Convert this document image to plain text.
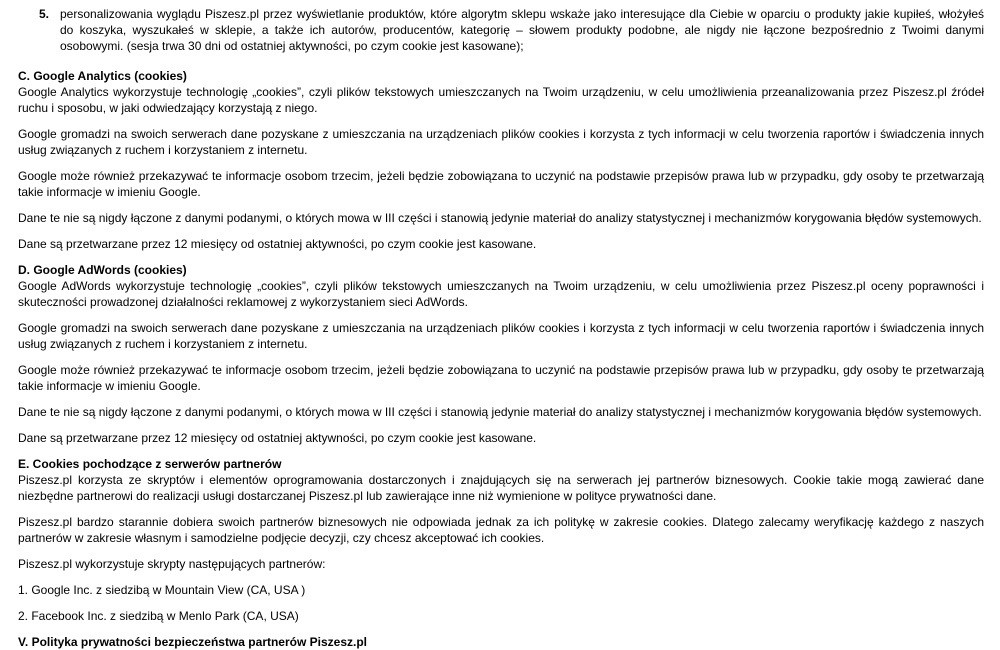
5. personalizowania wyglądu Piszesz.pl przez wyświetlanie produktów, które algorytm sklepu wskaże jako interesujące dla Ciebie w oparciu o produkty jakie kupiłeś, włożyłeś do koszyka, wyszukałeś w sklepie, a także ich autorów, producentów, kategorię – słowem produkty podobne, ale nigdy nie łączone bezpośrednio z Twoimi danymi osobowymi. (sesja trwa 30 dni od ostatniej aktywności, po czym cookie jest kasowane);
C. Google Analytics (cookies)

Google Analytics wykorzystuje technologię „cookies”, czyli plików tekstowych umieszczanych na Twoim urządzeniu, w celu umożliwienia przeanalizowania przez Piszesz.pl źródeł ruchu i sposobu, w jaki odwiedzający korzystają z niego.

Google gromadzi na swoich serwerach dane pozyskane z umieszczania na urządzeniach plików cookies i korzysta z tych informacji w celu tworzenia raportów i świadczenia innych usług związanych z ruchem i korzystaniem z internetu.

Google może również przekazywać te informacje osobom trzecim, jeżeli będzie zobowiązana to uczynić na podstawie przepisów prawa lub w przypadku, gdy osoby te przetwarzają takie informacje w imieniu Google.

Dane te nie są nigdy łączone z danymi podanymi, o których mowa w III części i stanowią jedynie materiał do analizy statystycznej i mechanizmów korygowania błędów systemowych.

Dane są przetwarzane przez 12 miesięcy od ostatniej aktywności, po czym cookie jest kasowane.

D. Google AdWords (cookies)

Google AdWords wykorzystuje technologię „cookies”, czyli plików tekstowych umieszczanych na Twoim urządzeniu, w celu umożliwienia przez Piszesz.pl oceny poprawności i skuteczności prowadzonej działalności reklamowej z wykorzystaniem sieci AdWords.

Google gromadzi na swoich serwerach dane pozyskane z umieszczania na urządzeniach plików cookies i korzysta z tych informacji w celu tworzenia raportów i świadczenia innych usług związanych z ruchem i korzystaniem z internetu.

Google może również przekazywać te informacje osobom trzecim, jeżeli będzie zobowiązana to uczynić na podstawie przepisów prawa lub w przypadku, gdy osoby te przetwarzają takie informacje w imieniu Google.

Dane te nie są nigdy łączone z danymi podanymi, o których mowa w III części i stanowią jedynie materiał do analizy statystycznej i mechanizmów korygowania błędów systemowych.

Dane są przetwarzane przez 12 miesięcy od ostatniej aktywności, po czym cookie jest kasowane.

E. Cookies pochodzące z serwerów partnerów

Piszesz.pl korzysta ze skryptów i elementów oprogramowania dostarczonych i znajdujących się na serwerach jej partnerów biznesowych. Cookie takie mogą zawierać dane niezbędne partnerowi do realizacji usługi dostarczanej Piszesz.pl lub zawierające inne niż wymienione w polityce prywatności dane.

Piszesz.pl bardzo starannie dobiera swoich partnerów biznesowych nie odpowiada jednak za ich politykę w zakresie cookies. Dlatego zalecamy weryfikację każdego z naszych partnerów w zakresie własnym i samodzielne podjęcie decyzji, czy chcesz akceptować ich cookies.

Piszesz.pl wykorzystuje skrypty następujących partnerów:

1. Google Inc. z siedzibą w Mountain View (CA, USA )

2. Facebook Inc. z siedzibą w Menlo Park (CA, USA)

V. Polityka prywatności bezpieczeństwa partnerów Piszesz.pl
